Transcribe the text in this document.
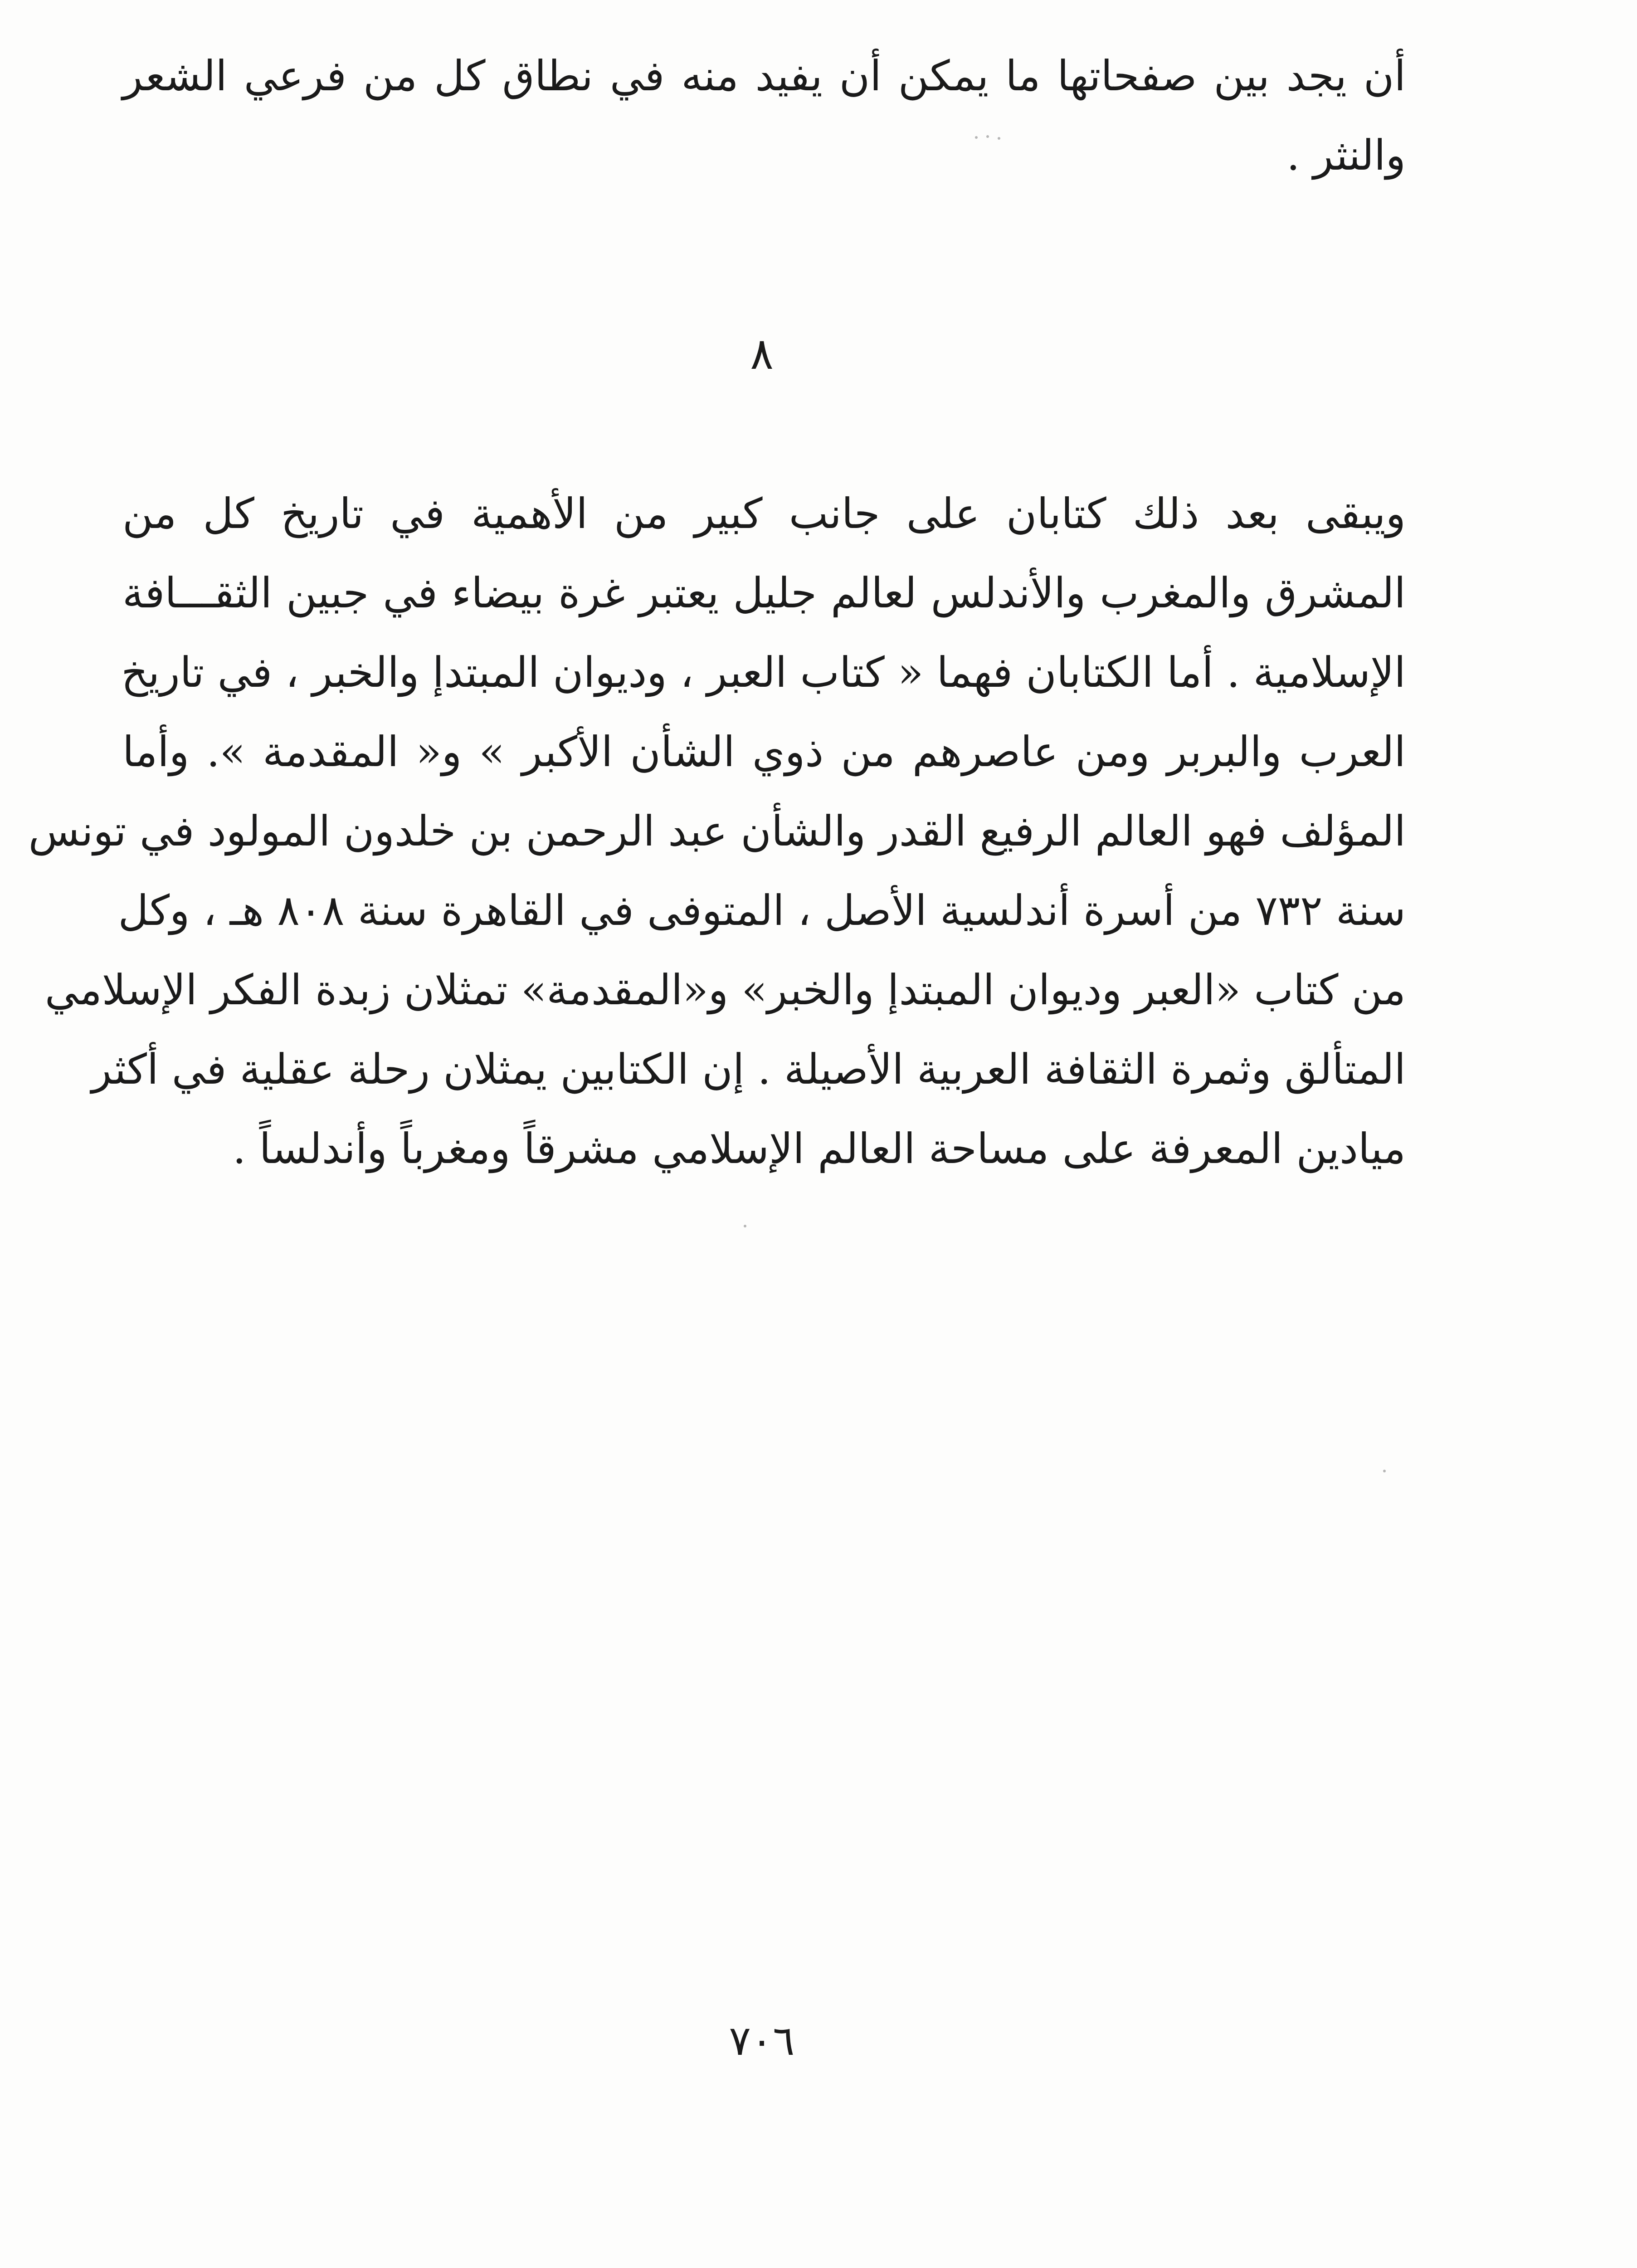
أن يجد بين صفحاتها ما يمكن أن يفيد منه في نطاق كل من فرعي الشعر
والنثر .
٨
ويبقى بعد ذلك كتابان على جانب كبير من الأهمية في تاريخ كل من
المشرق والمغرب والأندلس لعالم جليل يعتبر غرة بيضاء في جبين الثقـــافة
الإسلامية . أما الكتابان فهما « كتاب العبر ، وديوان المبتدإ والخبر ، في تاريخ
العرب والبربر ومن عاصرهم من ذوي الشأن الأكبر » و« المقدمة ». وأما
المؤلف فهو العالم الرفيع القدر والشأن عبد الرحمن بن خلدون المولود في تونس
سنة ٧٣٢ من أسرة أندلسية الأصل ، المتوفى في القاهرة سنة ٨٠٨ هـ ، وكل
من كتاب «العبر وديوان المبتدإ والخبر» و«المقدمة» تمثلان زبدة الفكر الإسلامي
المتألق وثمرة الثقافة العربية الأصيلة . إن الكتابين يمثلان رحلة عقلية في أكثر
ميادين المعرفة على مساحة العالم الإسلامي مشرقاً ومغرباً وأندلساً .
٧٠٦
